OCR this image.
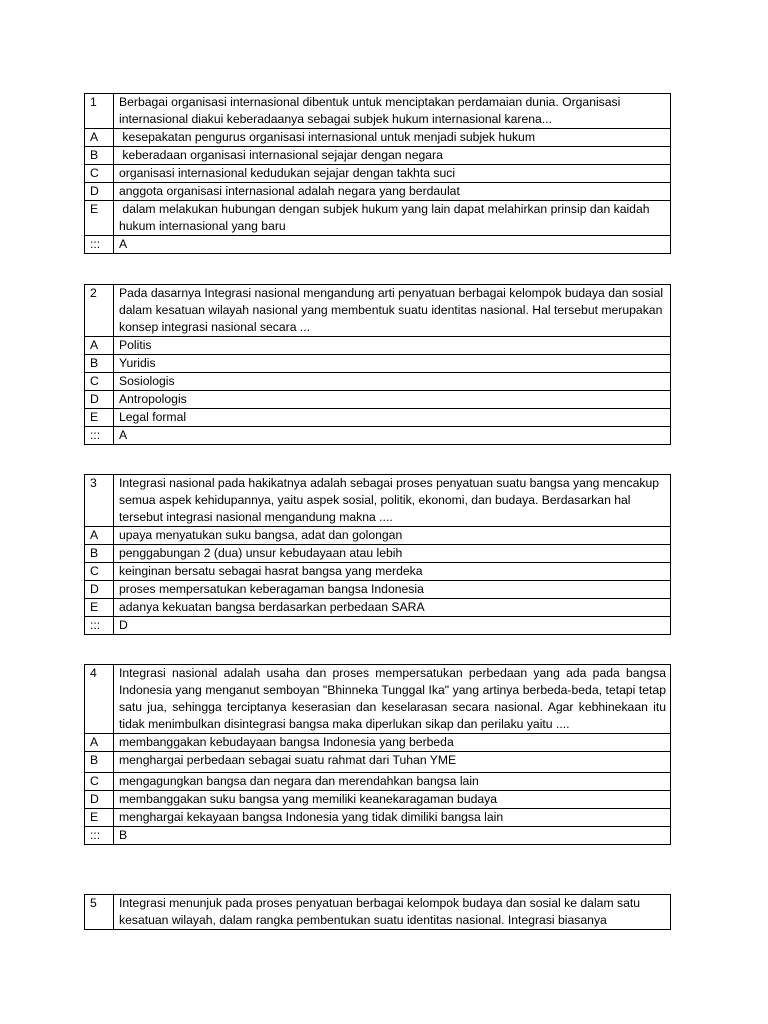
1	Berbagai organisasi internasional dibentuk untuk menciptakan perdamaian dunia. Organisasi internasional diakui keberadaanya sebagai subjek hukum internasional karena...
A	kesepakatan pengurus organisasi internasional untuk menjadi subjek hukum
B	keberadaan organisasi internasional sejajar dengan negara
C	organisasi internasional kedudukan sejajar dengan takhta suci
D	anggota organisasi internasional adalah negara yang berdaulat
E	dalam melakukan hubungan dengan subjek hukum yang lain dapat melahirkan prinsip dan kaidah hukum internasional yang baru
:::	A
2	Pada dasarnya Integrasi nasional mengandung arti penyatuan berbagai kelompok budaya dan sosial dalam kesatuan wilayah nasional yang membentuk suatu identitas nasional. Hal tersebut merupakan konsep integrasi nasional secara ...
A	Politis
B	Yuridis
C	Sosiologis
D	Antropologis
E	Legal formal
:::	A
3	Integrasi nasional pada hakikatnya adalah sebagai proses penyatuan suatu bangsa yang mencakup semua aspek kehidupannya, yaitu aspek sosial, politik, ekonomi, dan budaya. Berdasarkan hal tersebut integrasi nasional mengandung makna ....
A	upaya menyatukan suku bangsa, adat dan golongan
B	penggabungan 2 (dua) unsur kebudayaan atau lebih
C	keinginan bersatu sebagai hasrat bangsa yang merdeka
D	proses mempersatukan keberagaman bangsa Indonesia
E	adanya kekuatan bangsa berdasarkan perbedaan SARA
:::	D
4	Integrasi nasional adalah usaha dan proses mempersatukan perbedaan yang ada pada bangsa Indonesia yang menganut semboyan "Bhinneka Tunggal Ika" yang artinya berbeda-beda, tetapi tetap satu jua, sehingga terciptanya keserasian dan keselarasan secara nasional. Agar kebhinekaan itu tidak menimbulkan disintegrasi bangsa maka diperlukan sikap dan perilaku yaitu ....
A	membanggakan kebudayaan bangsa Indonesia yang berbeda
B	menghargai perbedaan sebagai suatu rahmat dari Tuhan YME
C	mengagungkan bangsa dan negara dan merendahkan bangsa lain
D	membanggakan suku bangsa yang memiliki keanekaragaman budaya
E	menghargai kekayaan bangsa Indonesia yang tidak dimiliki bangsa lain
:::	B
5	Integrasi menunjuk pada proses penyatuan berbagai kelompok budaya dan sosial ke dalam satu kesatuan wilayah, dalam rangka pembentukan suatu identitas nasional. Integrasi biasanya
